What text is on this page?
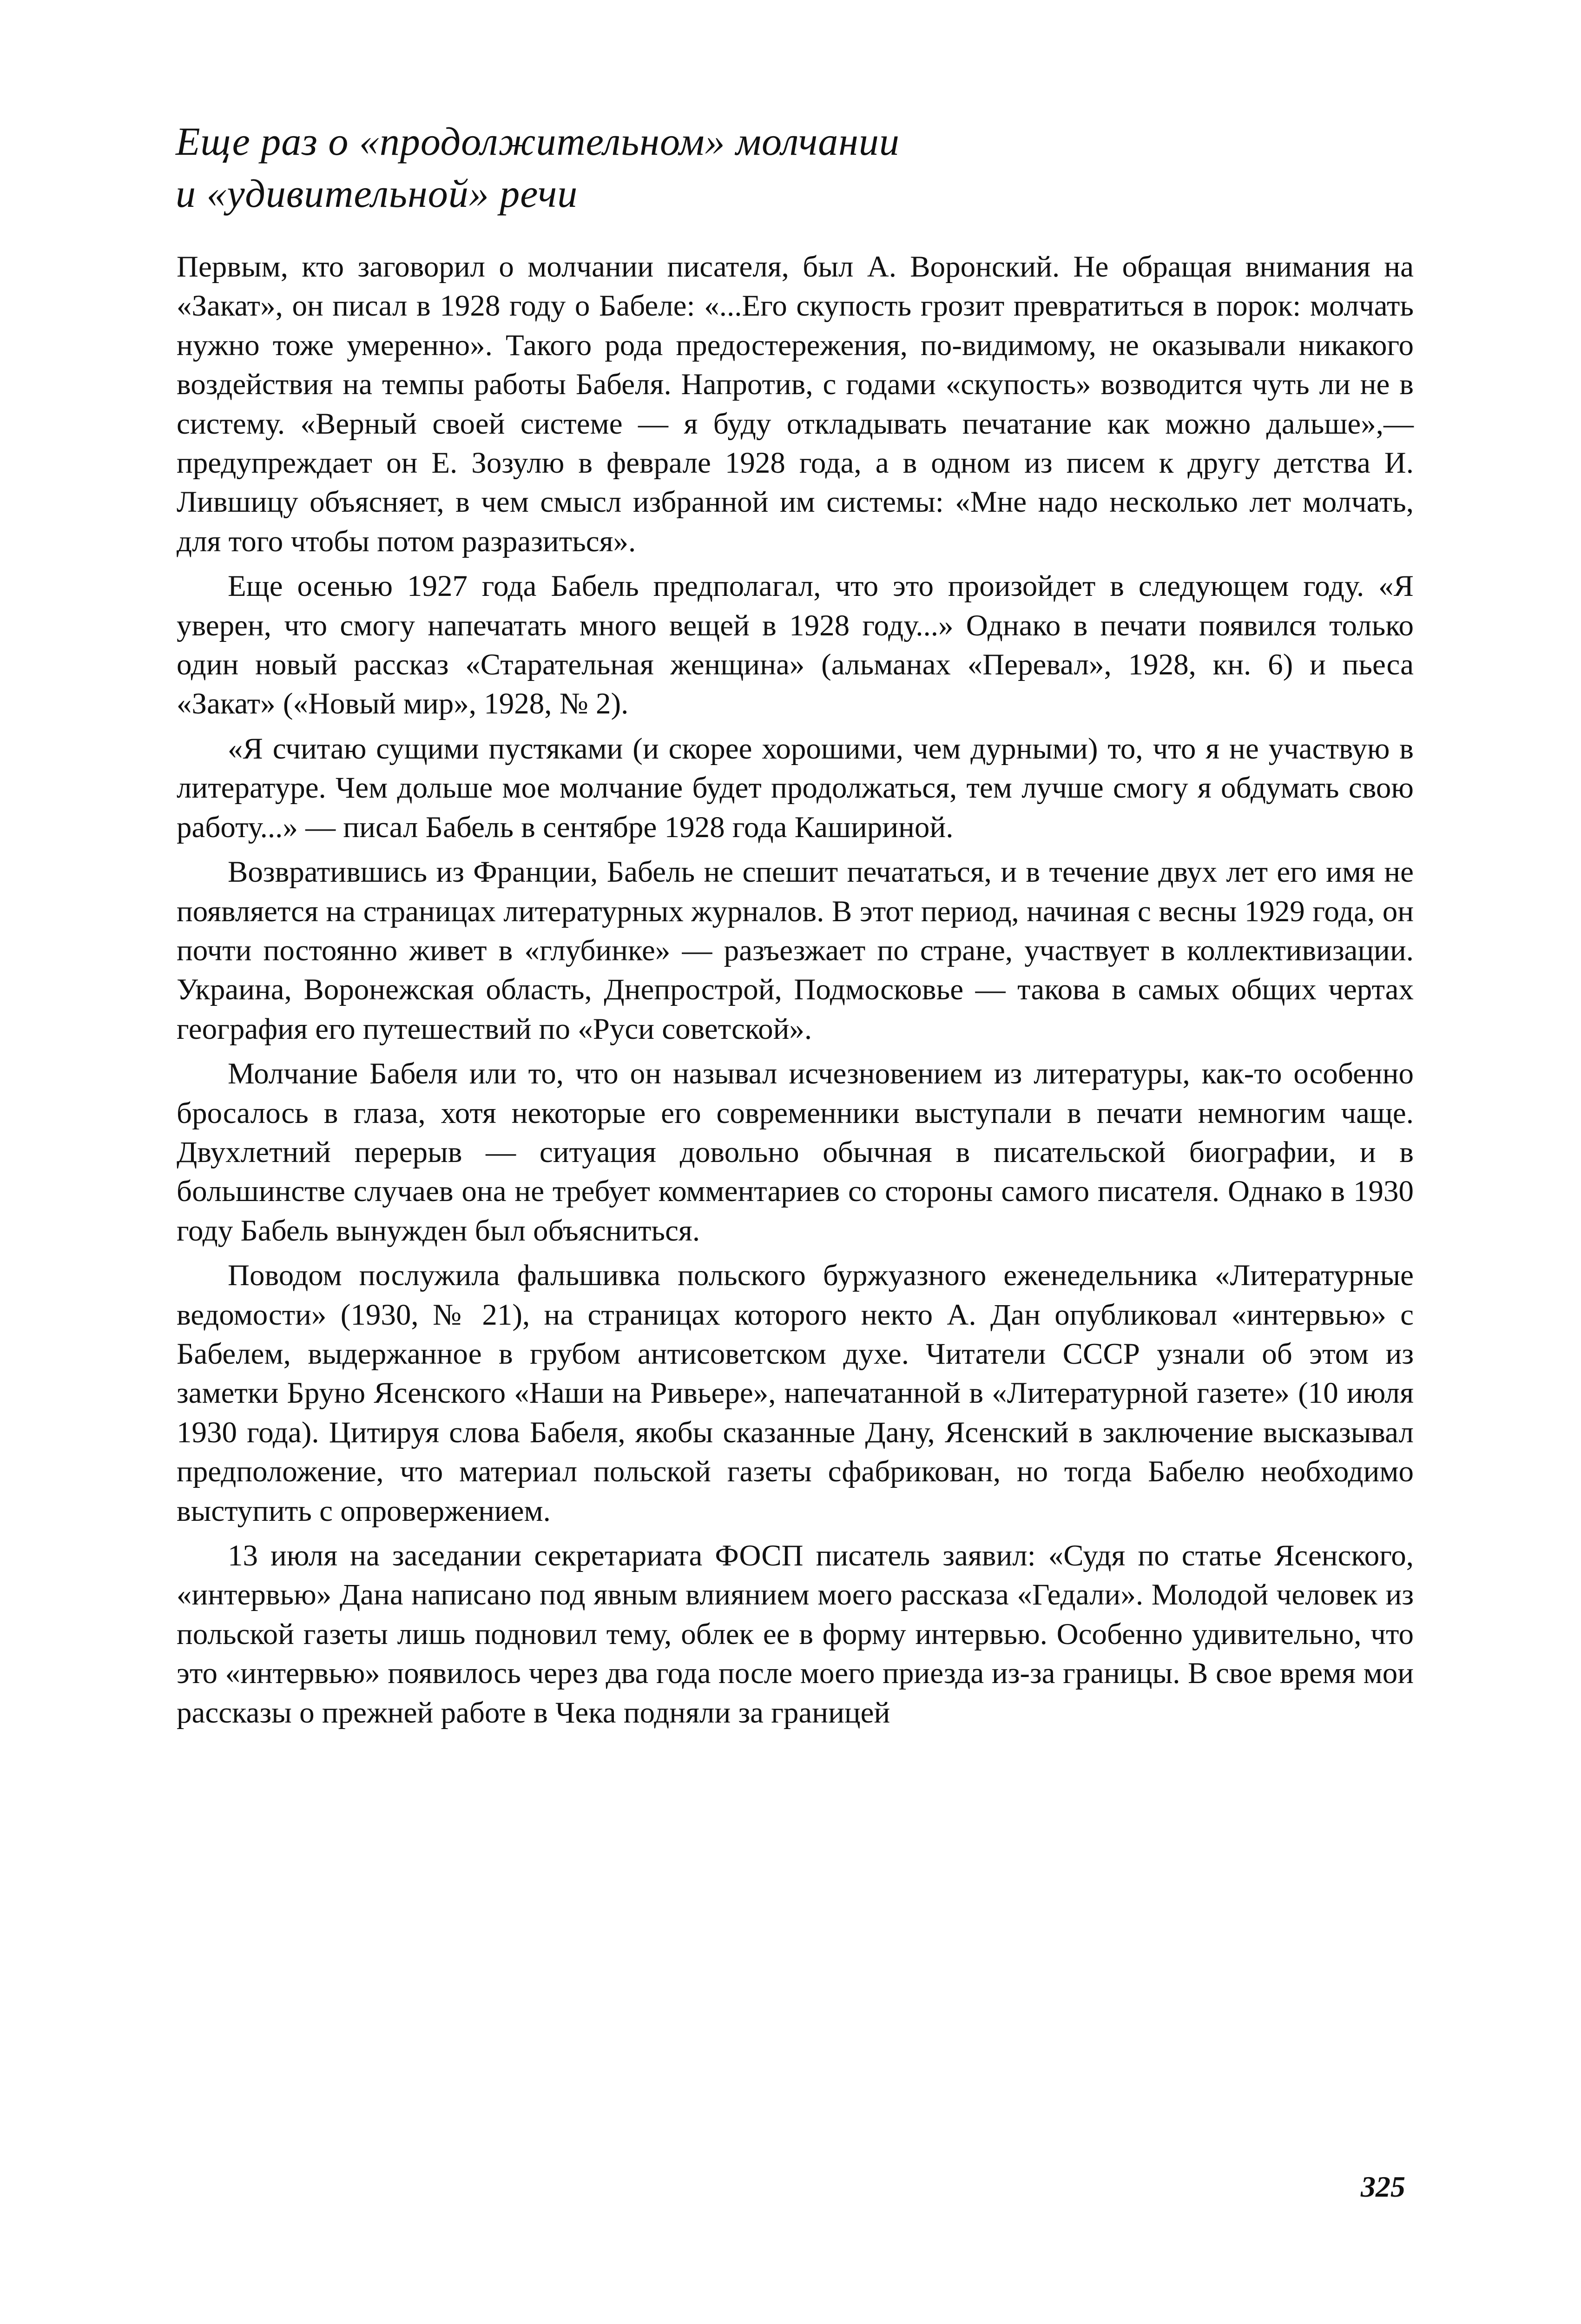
Еще раз о «продолжительном» молчании
и «удивительной» речи

Первым, кто заговорил о молчании писателя, был А. Воронский. Не обращая внимания на «Закат», он писал в 1928 году о Бабеле: «...Его скупость грозит превратиться в порок: молчать нужно тоже умеренно». Такого рода предостережения, по-видимому, не оказывали никакого воздействия на темпы работы Бабеля. Напротив, с годами «скупость» возводится чуть ли не в систему. «Верный своей системе — я буду откладывать печатание как можно дальше»,— предупреждает он Е. Зозулю в феврале 1928 года, а в одном из писем к другу детства И. Лившицу объясняет, в чем смысл избранной им системы: «Мне надо несколько лет молчать, для того чтобы потом разразиться».

Еще осенью 1927 года Бабель предполагал, что это произойдет в следующем году. «Я уверен, что смогу напечатать много вещей в 1928 году...» Однако в печати появился только один новый рассказ «Старательная женщина» (альманах «Перевал», 1928, кн. 6) и пьеса «Закат» («Новый мир», 1928, № 2).

«Я считаю сущими пустяками (и скорее хорошими, чем дурными) то, что я не участвую в литературе. Чем дольше мое молчание будет продолжаться, тем лучше смогу я обдумать свою работу...» — писал Бабель в сентябре 1928 года Кашириной.

Возвратившись из Франции, Бабель не спешит печататься, и в течение двух лет его имя не появляется на страницах литературных журналов. В этот период, начиная с весны 1929 года, он почти постоянно живет в «глубинке» — разъезжает по стране, участвует в коллективизации. Украина, Воронежская область, Днепрострой, Подмосковье — такова в самых общих чертах география его путешествий по «Руси советской».

Молчание Бабеля или то, что он называл исчезновением из литературы, как-то особенно бросалось в глаза, хотя некоторые его современники выступали в печати немногим чаще. Двухлетний перерыв — ситуация довольно обычная в писательской биографии, и в большинстве случаев она не требует комментариев со стороны самого писателя. Однако в 1930 году Бабель вынужден был объясниться.

Поводом послужила фальшивка польского буржуазного еженедельника «Литературные ведомости» (1930, № 21), на страницах которого некто А. Дан опубликовал «интервью» с Бабелем, выдержанное в грубом антисоветском духе. Читатели СССР узнали об этом из заметки Бруно Ясенского «Наши на Ривьере», напечатанной в «Литературной газете» (10 июля 1930 года). Цитируя слова Бабеля, якобы сказанные Дану, Ясенский в заключение высказывал предположение, что материал польской газеты сфабрикован, но тогда Бабелю необходимо выступить с опровержением.

13 июля на заседании секретариата ФОСП писатель заявил: «Судя по статье Ясенского, «интервью» Дана написано под явным влиянием моего рассказа «Гедали». Молодой человек из польской газеты лишь подновил тему, облек ее в форму интервью. Особенно удивительно, что это «интервью» появилось через два года после моего приезда из-за границы. В свое время мои рассказы о прежней работе в Чека подняли за границей

325
